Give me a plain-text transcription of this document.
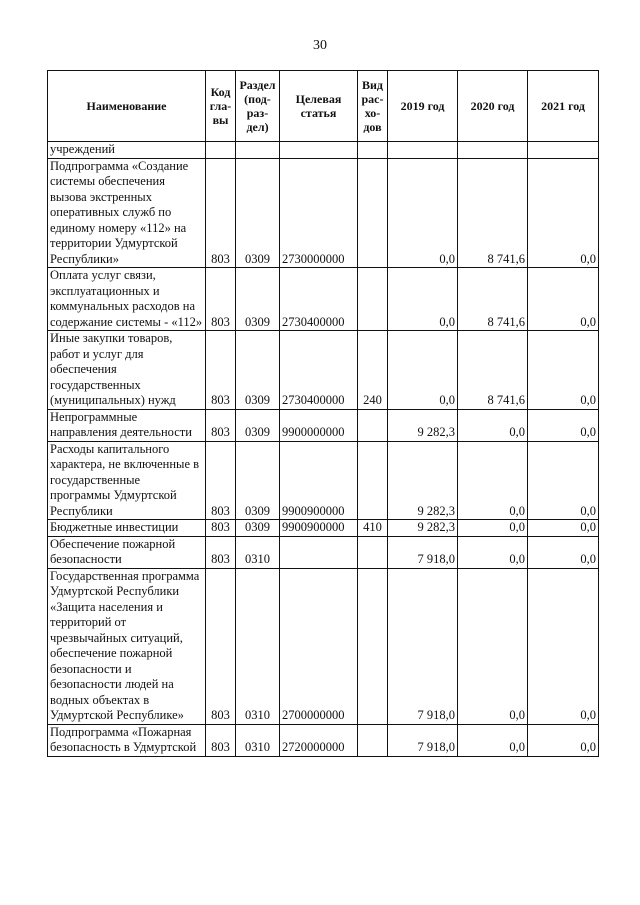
30
Наименование	Код гла-вы	Раздел (под-раз-дел)	Целевая статья	Вид рас-хо-дов	2019 год	2020 год	2021 год
учреждений							
Подпрограмма «Создание системы обеспечения вызова экстренных оперативных служб по единому номеру «112» на территории Удмуртской Республики»	803	0309	2730000000		0,0	8 741,6	0,0
Оплата услуг связи, эксплуатационных и коммунальных расходов на содержание системы - «112»	803	0309	2730400000		0,0	8 741,6	0,0
Иные закупки товаров, работ и услуг для обеспечения государственных (муниципальных) нужд	803	0309	2730400000	240	0,0	8 741,6	0,0
Непрограммные направления деятельности	803	0309	9900000000		9 282,3	0,0	0,0
Расходы капитального характера, не включенные в государственные программы Удмуртской Республики	803	0309	9900900000		9 282,3	0,0	0,0
Бюджетные инвестиции	803	0309	9900900000	410	9 282,3	0,0	0,0
Обеспечение пожарной безопасности	803	0310			7 918,0	0,0	0,0
Государственная программа Удмуртской Республики «Защита населения и территорий от чрезвычайных ситуаций, обеспечение пожарной безопасности и безопасности людей на водных объектах в Удмуртской Республике»	803	0310	2700000000		7 918,0	0,0	0,0
Подпрограмма «Пожарная безопасность в Удмуртской	803	0310	2720000000		7 918,0	0,0	0,0
